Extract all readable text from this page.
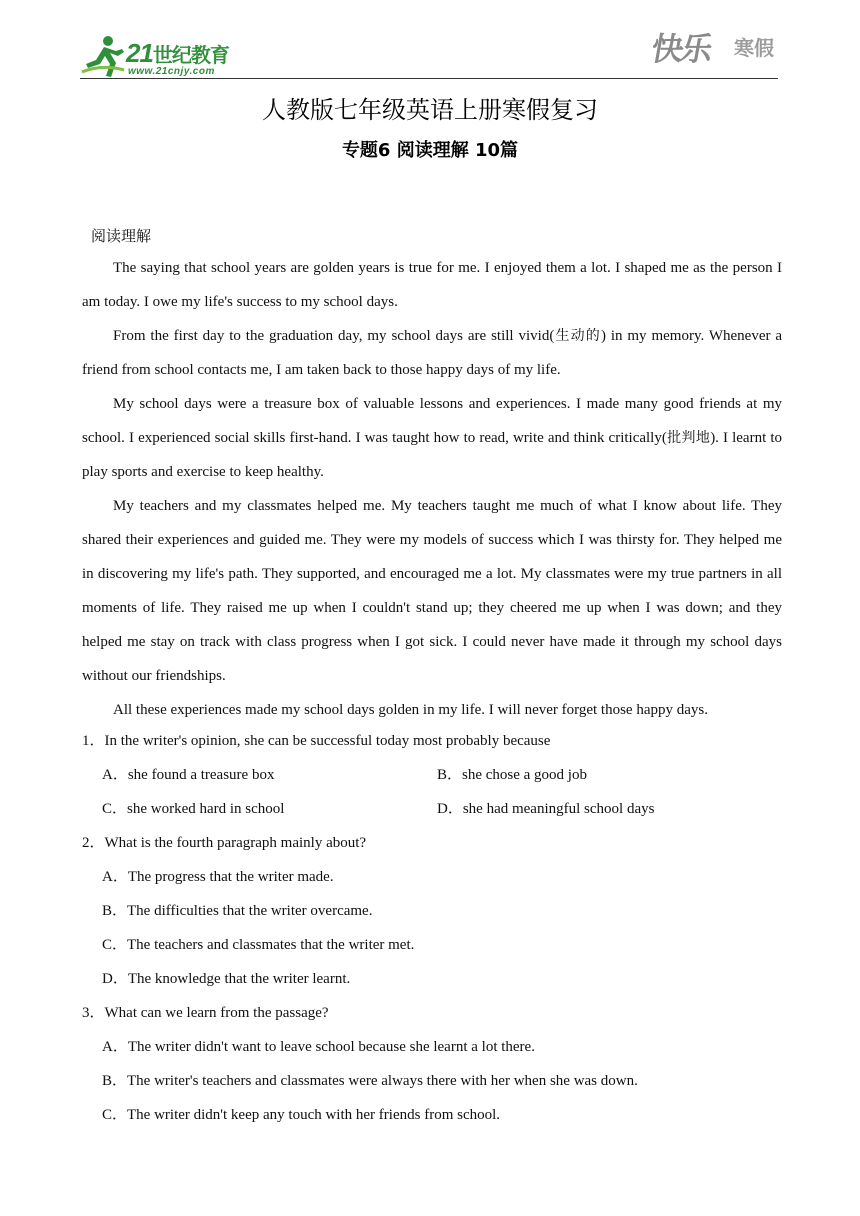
21世纪教育
www.21cnjy.com
快乐 寒假
人教版七年级英语上册寒假复习
专题6 阅读理解 10篇
阅读理解

The saying that school years are golden years is true for me. I enjoyed them a lot. I shaped me as the person I am today. I owe my life's success to my school days.

From the first day to the graduation day, my school days are still vivid(生动的) in my memory. Whenever a friend from school contacts me, I am taken back to those happy days of my life.

My school days were a treasure box of valuable lessons and experiences. I made many good friends at my school. I experienced social skills first-hand. I was taught how to read, write and think critically(批判地). I learnt to play sports and exercise to keep healthy.

My teachers and my classmates helped me. My teachers taught me much of what I know about life. They shared their experiences and guided me. They were my models of success which I was thirsty for. They helped me in discovering my life's path. They supported, and encouraged me a lot. My classmates were my true partners in all moments of life. They raised me up when I couldn't stand up; they cheered me up when I was down; and they helped me stay on track with class progress when I got sick. I could never have made it through my school days without our friendships.

All these experiences made my school days golden in my life. I will never forget those happy days.

1．In the writer's opinion, she can be successful today most probably because

A．she found a treasure box	B．she chose a good job
C．she worked hard in school	D．she had meaningful school days

2．What is the fourth paragraph mainly about?

A．The progress that the writer made.
B．The difficulties that the writer overcame.
C．The teachers and classmates that the writer met.
D．The knowledge that the writer learnt.

3．What can we learn from the passage?

A．The writer didn't want to leave school because she learnt a lot there.
B．The writer's teachers and classmates were always there with her when she was down.
C．The writer didn't keep any touch with her friends from school.
